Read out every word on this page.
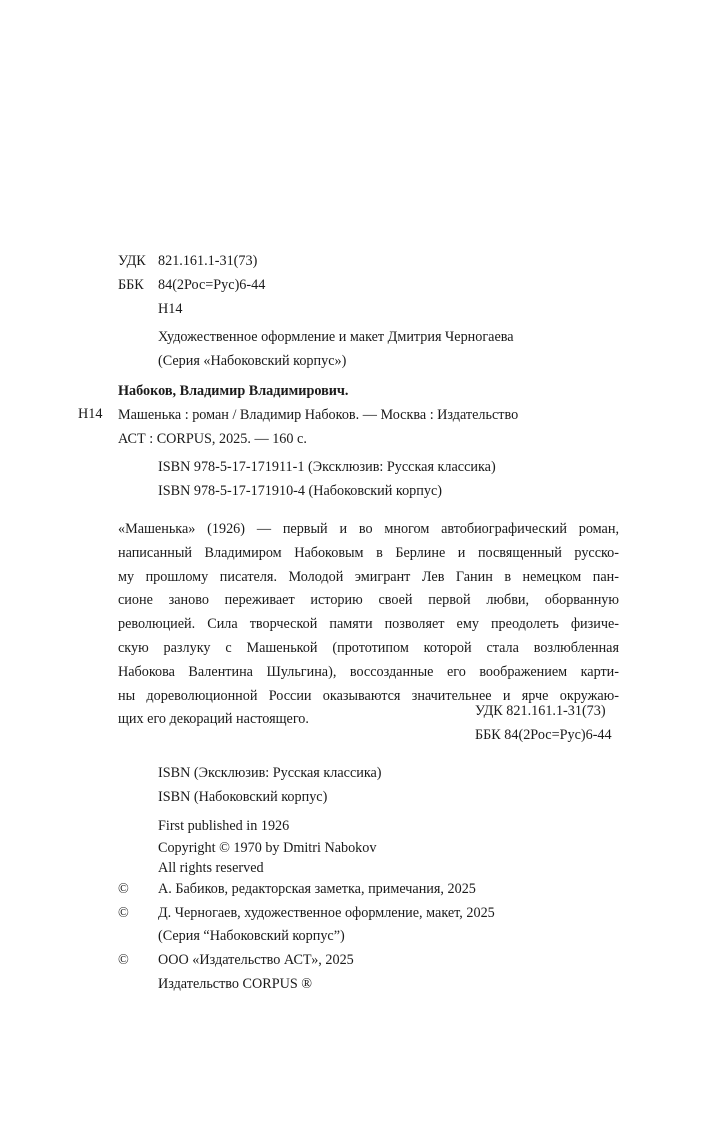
УДК 821.161.1-31(73)
ББК	84(2Рос=Рус)6-44
Н14
Художественное оформление и макет Дмитрия Черногаева
(Серия «Набоковский корпус»)
Набоков, Владимир Владимирович.
Машенька : роман / Владимир Набоков. — Москва : Издательство
АСТ : CORPUS, 2025. — 160 с.
Н14
ISBN 978-5-17-171911-1 (Эксклюзив: Русская классика)
ISBN 978-5-17-171910-4 (Набоковский корпус)
«Машенька» (1926) — первый и во многом автобиографический роман,
написанный Владимиром Набоковым в Берлине и посвященный русско-
му прошлому писателя. Молодой эмигрант Лев Ганин в немецком пан-
сионе заново переживает историю своей первой любви, оборванную
революцией. Сила творческой памяти позволяет ему преодолеть физиче-
скую разлуку с Машенькой (прототипом которой стала возлюбленная
Набокова Валентина Шульгина), воссозданные его воображением карти-
ны дореволюционной России оказываются значительнее и ярче окружаю-
щих его декораций настоящего.
УДК 821.161.1-31(73)
ББК 84(2Рос=Рус)6-44
ISBN (Эксклюзив: Русская классика)
ISBN (Набоковский корпус)
First published in 1926
Copyright © 1970 by Dmitri Nabokov
All rights reserved
© А. Бабиков, редакторская заметка, примечания, 2025
© Д. Черногаев, художественное оформление, макет, 2025
(Серия “Набоковский корпус”)
© ООО «Издательство АСТ», 2025
Издательство CORPUS ®
